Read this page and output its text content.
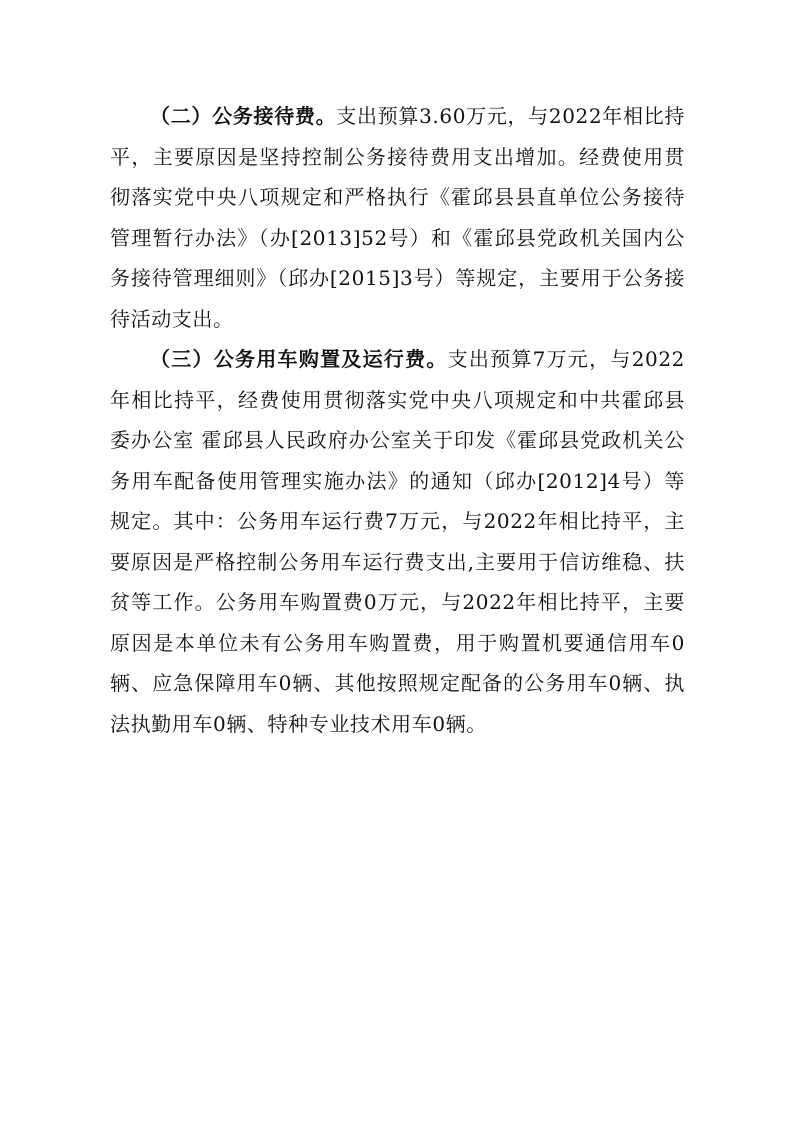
（二）公务接待费。支出预算3.60万元，与2022年相比持平，主要原因是坚持控制公务接待费用支出增加。经费使用贯彻落实党中央八项规定和严格执行《霍邱县县直单位公务接待管理暂行办法》（办[2013]52号）和《霍邱县党政机关国内公务接待管理细则》（邱办[2015]3号）等规定，主要用于公务接待活动支出。

（三）公务用车购置及运行费。支出预算7万元，与2022年相比持平，经费使用贯彻落实党中央八项规定和中共霍邱县委办公室 霍邱县人民政府办公室关于印发《霍邱县党政机关公务用车配备使用管理实施办法》的通知（邱办[2012]4号）等规定。其中：公务用车运行费7万元，与2022年相比持平，主要原因是严格控制公务用车运行费支出,主要用于信访维稳、扶贫等工作。公务用车购置费0万元，与2022年相比持平，主要原因是本单位未有公务用车购置费，用于购置机要通信用车0辆、应急保障用车0辆、其他按照规定配备的公务用车0辆、执法执勤用车0辆、特种专业技术用车0辆。
